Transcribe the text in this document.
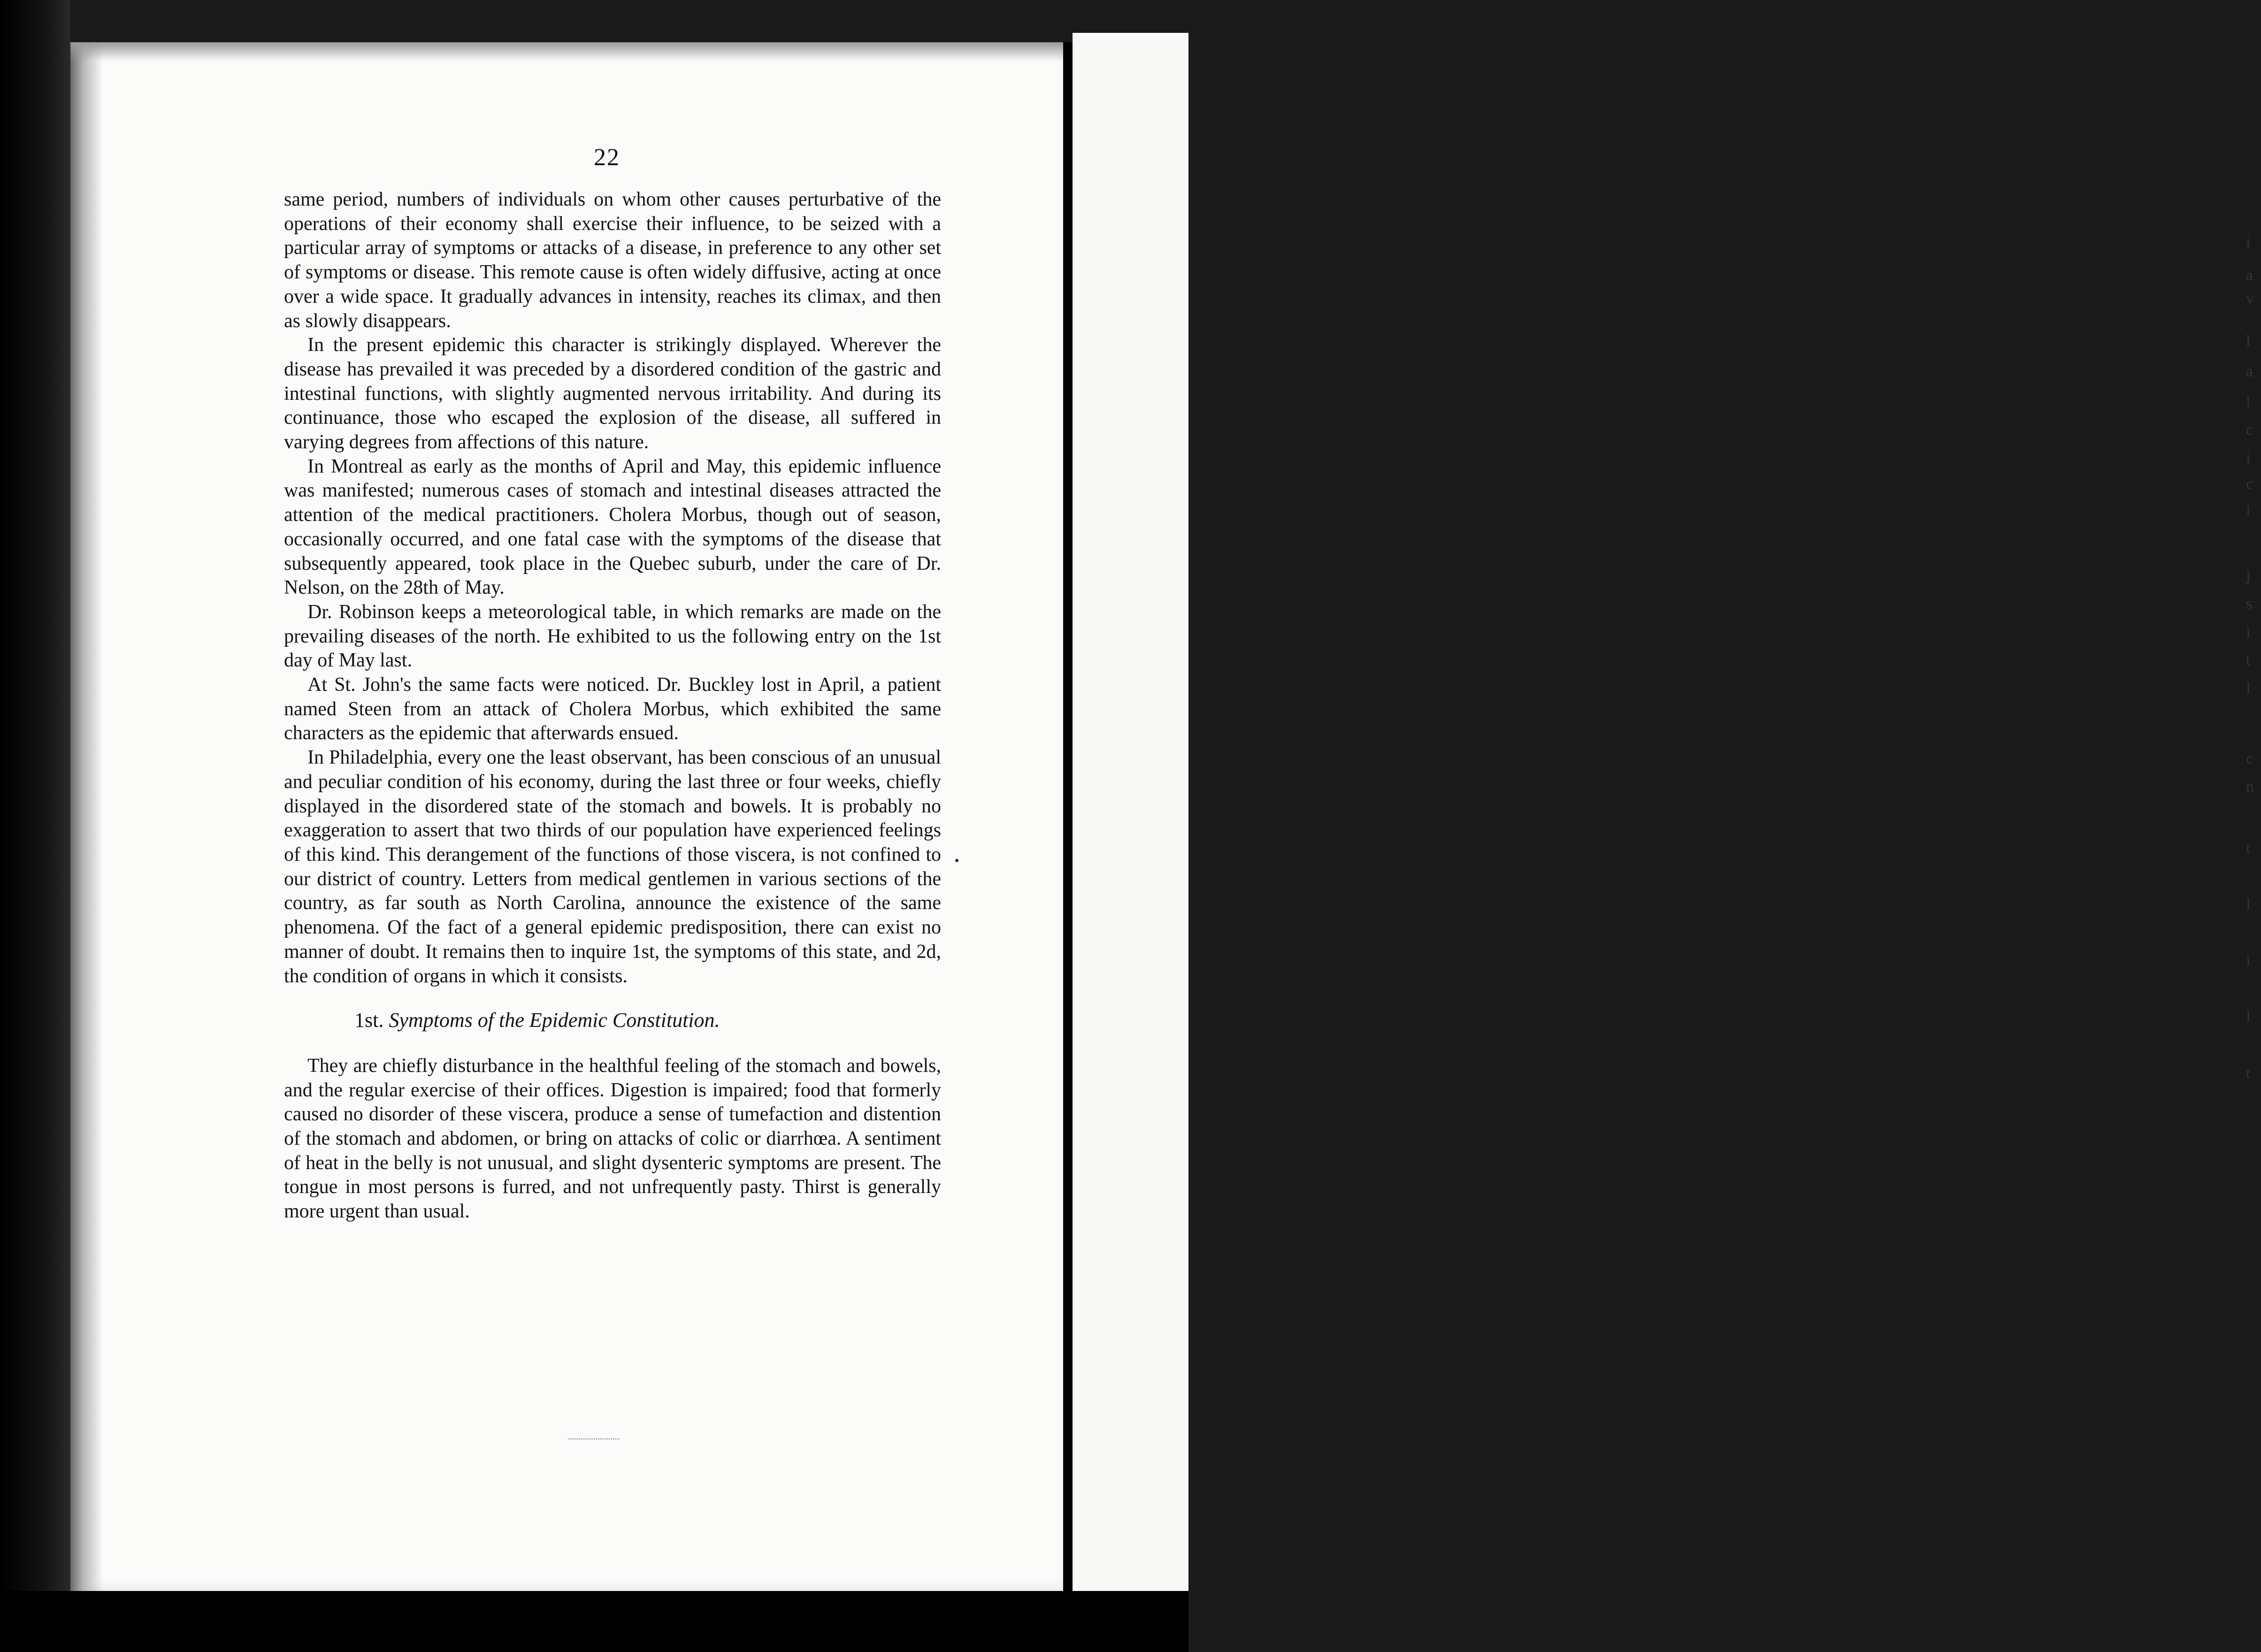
i
a
v
l
a
l
c
i
c
i
j
s
i
t
l
c
n
t
l
i
l
t
22

same period, numbers of individuals on whom other causes perturbative of the operations of their economy shall exercise their influence, to be seized with a particular array of symptoms or attacks of a disease, in preference to any other set of symptoms or disease. This remote cause is often widely diffusive, acting at once over a wide space. It gradually advances in intensity, reaches its climax, and then as slowly disappears.

In the present epidemic this character is strikingly displayed. Wherever the disease has prevailed it was preceded by a disordered condition of the gastric and intestinal functions, with slightly augmented nervous irritability. And during its continuance, those who escaped the explosion of the disease, all suffered in varying degrees from affections of this nature.

In Montreal as early as the months of April and May, this epidemic influence was manifested; numerous cases of stomach and intestinal diseases attracted the attention of the medical practitioners. Cholera Morbus, though out of season, occasionally occurred, and one fatal case with the symptoms of the disease that subsequently appeared, took place in the Quebec suburb, under the care of Dr. Nelson, on the 28th of May.

Dr. Robinson keeps a meteorological table, in which remarks are made on the prevailing diseases of the north. He exhibited to us the following entry on the 1st day of May last.

At St. John's the same facts were noticed. Dr. Buckley lost in April, a patient named Steen from an attack of Cholera Morbus, which exhibited the same characters as the epidemic that afterwards ensued.

In Philadelphia, every one the least observant, has been conscious of an unusual and peculiar condition of his economy, during the last three or four weeks, chiefly displayed in the disordered state of the stomach and bowels. It is probably no exaggeration to assert that two thirds of our population have experienced feelings of this kind. This derangement of the functions of those viscera, is not confined to our district of country. Letters from medical gentlemen in various sections of the country, as far south as North Carolina, announce the existence of the same phenomena. Of the fact of a general epidemic predisposition, there can exist no manner of doubt. It remains then to inquire 1st, the symptoms of this state, and 2d, the condition of organs in which it consists.

1st. Symptoms of the Epidemic Constitution.

They are chiefly disturbance in the healthful feeling of the stomach and bowels, and the regular exercise of their offices. Digestion is impaired; food that formerly caused no disorder of these viscera, produce a sense of tumefaction and distention of the stomach and abdomen, or bring on attacks of colic or diarrhœa. A sentiment of heat in the belly is not unusual, and slight dysenteric symptoms are present. The tongue in most persons is furred, and not unfrequently pasty. Thirst is generally more urgent than usual.
